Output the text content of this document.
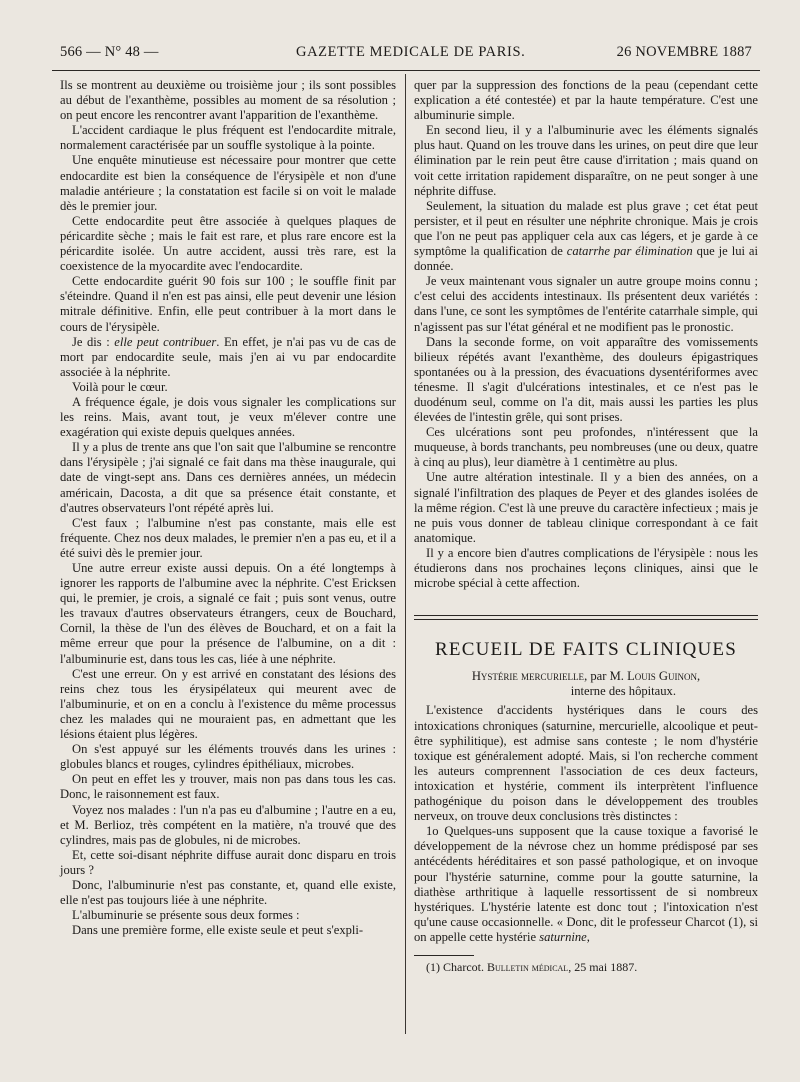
566 — N° 48 —	GAZETTE MEDICALE DE PARIS.	26 NOVEMBRE 1887

Ils se montrent au deuxième ou troisième jour ; ils sont possibles au début de l'exanthème, possibles au moment de sa résolution ; on peut encore les rencontrer avant l'apparition de l'exanthème.

L'accident cardiaque le plus fréquent est l'endocardite mitrale, normalement caractérisée par un souffle systolique à la pointe.

Une enquête minutieuse est nécessaire pour montrer que cette endocardite est bien la conséquence de l'érysipèle et non d'une maladie antérieure ; la constatation est facile si on voit le malade dès le premier jour.

Cette endocardite peut être associée à quelques plaques de péricardite sèche ; mais le fait est rare, et plus rare encore est la péricardite isolée. Un autre accident, aussi très rare, est la coexistence de la myocardite avec l'endocardite.

Cette endocardite guérit 90 fois sur 100 ; le souffle finit par s'éteindre. Quand il n'en est pas ainsi, elle peut devenir une lésion mitrale définitive. Enfin, elle peut contribuer à la mort dans le cours de l'érysipèle.

Je dis : elle peut contribuer. En effet, je n'ai pas vu de cas de mort par endocardite seule, mais j'en ai vu par endocardite associée à la néphrite.

Voilà pour le cœur.

A fréquence égale, je dois vous signaler les complications sur les reins. Mais, avant tout, je veux m'élever contre une exagération qui existe depuis quelques années.

Il y a plus de trente ans que l'on sait que l'albumine se rencontre dans l'érysipèle ; j'ai signalé ce fait dans ma thèse inaugurale, qui date de vingt-sept ans. Dans ces dernières années, un médecin américain, Dacosta, a dit que sa présence était constante, et d'autres observateurs l'ont répété après lui.

C'est faux ; l'albumine n'est pas constante, mais elle est fréquente. Chez nos deux malades, le premier n'en a pas eu, et il a été suivi dès le premier jour.

Une autre erreur existe aussi depuis. On a été longtemps à ignorer les rapports de l'albumine avec la néphrite. C'est Ericksen qui, le premier, je crois, a signalé ce fait ; puis sont venus, outre les travaux d'autres observateurs étrangers, ceux de Bouchard, Cornil, la thèse de l'un des élèves de Bouchard, et on a fait la même erreur que pour la présence de l'albumine, on a dit : l'albuminurie est, dans tous les cas, liée à une néphrite.

C'est une erreur. On y est arrivé en constatant des lésions des reins chez tous les érysipélateux qui meurent avec de l'albuminurie, et on en a conclu à l'existence du même processus chez les malades qui ne mouraient pas, en admettant que les lésions étaient plus légères.

On s'est appuyé sur les éléments trouvés dans les urines : globules blancs et rouges, cylindres épithéliaux, microbes.

On peut en effet les y trouver, mais non pas dans tous les cas. Donc, le raisonnement est faux.

Voyez nos malades : l'un n'a pas eu d'albumine ; l'autre en a eu, et M. Berlioz, très compétent en la matière, n'a trouvé que des cylindres, mais pas de globules, ni de microbes.

Et, cette soi-disant néphrite diffuse aurait donc disparu en trois jours ?

Donc, l'albuminurie n'est pas constante, et, quand elle existe, elle n'est pas toujours liée à une néphrite.

L'albuminurie se présente sous deux formes :

Dans une première forme, elle existe seule et peut s'expli-

quer par la suppression des fonctions de la peau (cependant cette explication a été contestée) et par la haute température. C'est une albuminurie simple.

En second lieu, il y a l'albuminurie avec les éléments signalés plus haut. Quand on les trouve dans les urines, on peut dire que leur élimination par le rein peut être cause d'irritation ; mais quand on voit cette irritation rapidement disparaître, on ne peut songer à une néphrite diffuse.

Seulement, la situation du malade est plus grave ; cet état peut persister, et il peut en résulter une néphrite chronique. Mais je crois que l'on ne peut pas appliquer cela aux cas légers, et je garde à ce symptôme la qualification de catarrhe par élimination que je lui ai donnée.

Je veux maintenant vous signaler un autre groupe moins connu ; c'est celui des accidents intestinaux. Ils présentent deux variétés : dans l'une, ce sont les symptômes de l'entérite catarrhale simple, qui n'agissent pas sur l'état général et ne modifient pas le pronostic.

Dans la seconde forme, on voit apparaître des vomissements bilieux répétés avant l'exanthème, des douleurs épigastriques spontanées ou à la pression, des évacuations dysentériformes avec ténesme. Il s'agit d'ulcérations intestinales, et ce n'est pas le duodénum seul, comme on l'a dit, mais aussi les parties les plus élevées de l'intestin grêle, qui sont prises.

Ces ulcérations sont peu profondes, n'intéressent que la muqueuse, à bords tranchants, peu nombreuses (une ou deux, quatre à cinq au plus), leur diamètre à 1 centimètre au plus.

Une autre altération intestinale. Il y a bien des années, on a signalé l'infiltration des plaques de Peyer et des glandes isolées de la même région. C'est là une preuve du caractère infectieux ; mais je ne puis vous donner de tableau clinique correspondant à ce fait anatomique.

Il y a encore bien d'autres complications de l'érysipèle : nous les étudierons dans nos prochaines leçons cliniques, ainsi que le microbe spécial à cette affection.

RECUEIL DE FAITS CLINIQUES

Hystérie mercurielle, par M. Louis Guinon,

interne des hôpitaux.

L'existence d'accidents hystériques dans le cours des intoxications chroniques (saturnine, mercurielle, alcoolique et peut-être syphilitique), est admise sans conteste ; le nom d'hystérie toxique est généralement adopté. Mais, si l'on recherche comment les auteurs comprennent l'association de ces deux facteurs, intoxication et hystérie, comment ils interprètent l'influence pathogénique du poison dans le développement des troubles nerveux, on trouve deux conclusions très distinctes :

1o Quelques-uns supposent que la cause toxique a favorisé le développement de la névrose chez un homme prédisposé par ses antécédents héréditaires et son passé pathologique, et on invoque pour l'hystérie saturnine, comme pour la goutte saturnine, la diathèse arthritique à laquelle ressortissent de si nombreux hystériques. L'hystérie latente est donc tout ; l'intoxication n'est qu'une cause occasionnelle. « Donc, dit le professeur Charcot (1), si on appelle cette hystérie saturnine,

(1) Charcot. Bulletin médical, 25 mai 1887.
